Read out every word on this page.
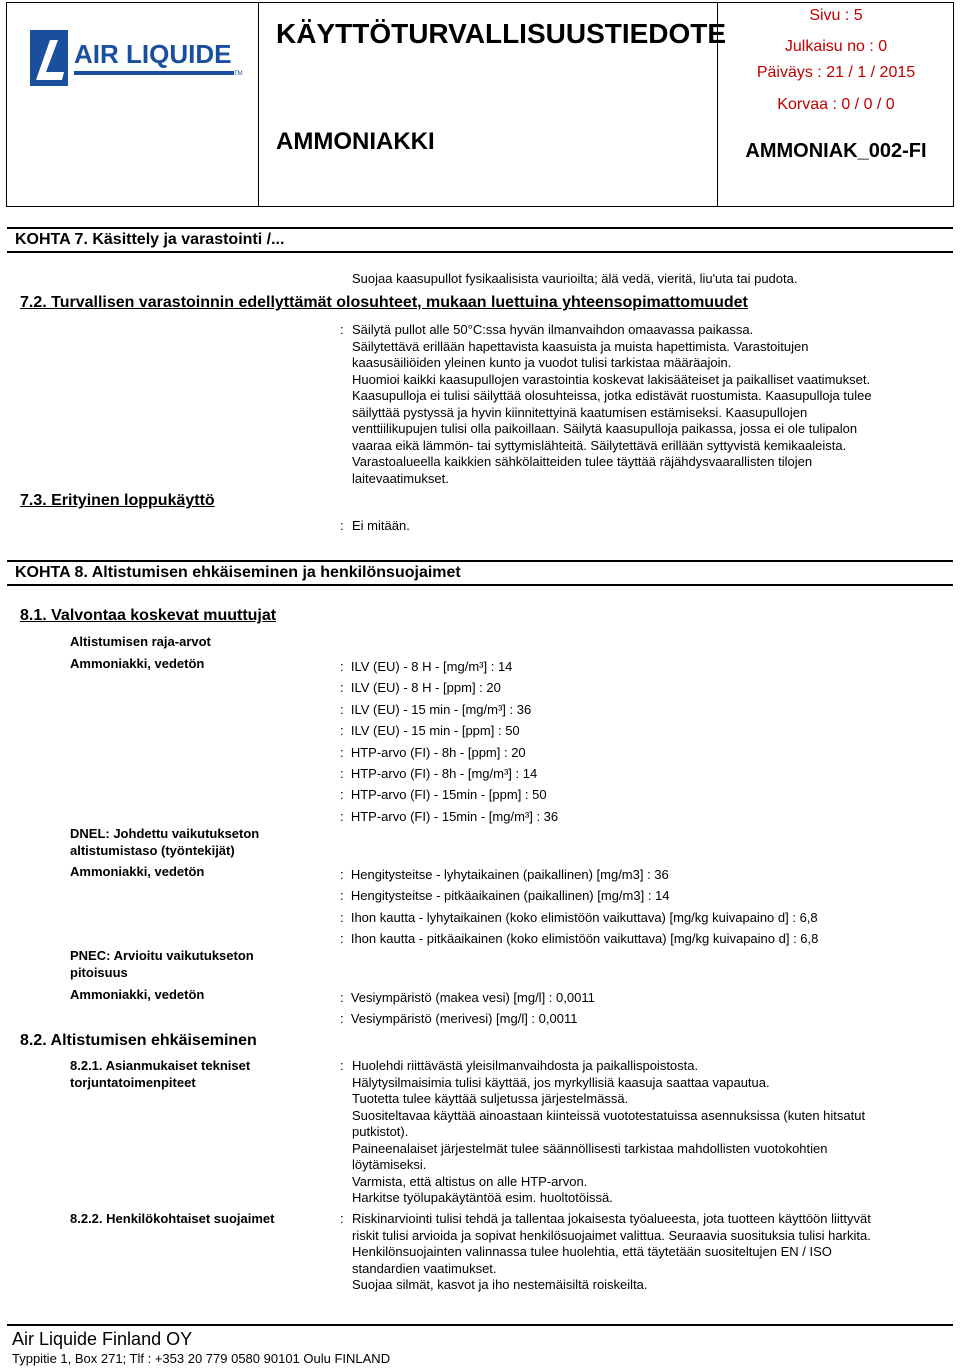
AIR LIQUIDE
TM
KÄYTTÖTURVALLISUUSTIEDOTE
AMMONIAKKI
Sivu : 5
Julkaisu no : 0
Päiväys : 21 / 1 / 2015
Korvaa : 0 / 0 / 0
AMMONIAK_002-FI
KOHTA 7. Käsittely ja varastointi /...
Suojaa kaasupullot fysikaalisista vaurioilta; älä vedä, vieritä, liu'uta tai pudota.
7.2. Turvallisen varastoinnin edellyttämät olosuhteet, mukaan luettuina yhteensopimattomuudet
: Säilytä pullot alle 50°C:ssa hyvän ilmanvaihdon omaavassa paikassa.
Säilytettävä erillään hapettavista kaasuista ja muista hapettimista. Varastoitujen
kaasusäiliöiden yleinen kunto ja vuodot tulisi tarkistaa määräajoin.
Huomioi kaikki kaasupullojen varastointia koskevat lakisääteiset ja paikalliset vaatimukset.
Kaasupulloja ei tulisi säilyttää olosuhteissa, jotka edistävät ruostumista. Kaasupulloja tulee
säilyttää pystyssä ja hyvin kiinnitettyinä kaatumisen estämiseksi. Kaasupullojen
venttiilikupujen tulisi olla paikoillaan. Säilytä kaasupulloja paikassa, jossa ei ole tulipalon
vaaraa eikä lämmön- tai syttymislähteitä. Säilytettävä erillään syttyvistä kemikaaleista.
Varastoalueella kaikkien sähkölaitteiden tulee täyttää räjähdysvaarallisten tilojen
laitevaatimukset.
7.3. Erityinen loppukäyttö
: Ei mitään.
KOHTA 8. Altistumisen ehkäiseminen ja henkilönsuojaimet
8.1. Valvontaa koskevat muuttujat
Altistumisen raja-arvot
Ammoniakki, vedetön	:  ILV (EU) - 8 H - [mg/m³] : 14
:  ILV (EU) - 8 H - [ppm] : 20
:  ILV (EU) - 15 min - [mg/m³] : 36
:  ILV (EU) - 15 min - [ppm] : 50
:  HTP-arvo (FI) - 8h - [ppm] : 20
:  HTP-arvo (FI) - 8h - [mg/m³] : 14
:  HTP-arvo (FI) - 15min - [ppm] : 50
:  HTP-arvo (FI) - 15min - [mg/m³] : 36
DNEL: Johdettu vaikutukseton
altistumistaso (työntekijät)
Ammoniakki, vedetön	:  Hengitysteitse - lyhytaikainen (paikallinen) [mg/m3] : 36
:  Hengitysteitse - pitkäaikainen (paikallinen) [mg/m3] : 14
:  Ihon kautta - lyhytaikainen (koko elimistöön vaikuttava) [mg/kg kuivapaino d] : 6,8
:  Ihon kautta - pitkäaikainen (koko elimistöön vaikuttava) [mg/kg kuivapaino d] : 6,8
PNEC: Arvioitu vaikutukseton
pitoisuus
Ammoniakki, vedetön	:  Vesiympäristö (makea vesi) [mg/l] : 0,0011
:  Vesiympäristö (merivesi) [mg/l] : 0,0011
8.2. Altistumisen ehkäiseminen
8.2.1. Asianmukaiset tekniset
torjuntatoimenpiteet
: Huolehdi riittävästä yleisilmanvaihdosta ja paikallispoistosta.
Hälytysilmaisimia tulisi käyttää, jos myrkyllisiä kaasuja saattaa vapautua.
Tuotetta tulee käyttää suljetussa järjestelmässä.
Suositeltavaa käyttää ainoastaan kiinteissä vuototestatuissa asennuksissa (kuten hitsatut
putkistot).
Paineenalaiset järjestelmät tulee säännöllisesti tarkistaa mahdollisten vuotokohtien
löytämiseksi.
Varmista, että altistus on alle HTP-arvon.
Harkitse työlupakäytäntöä esim. huoltotöissä.
8.2.2. Henkilökohtaiset suojaimet	: Riskinarviointi tulisi tehdä ja tallentaa jokaisesta työalueesta, jota tuotteen käyttöön liittyvät
riskit tulisi arvioida ja sopivat henkilösuojaimet valittua. Seuraavia suosituksia tulisi harkita.
Henkilönsuojainten valinnassa tulee huolehtia, että täytetään suositeltujen EN / ISO
standardien vaatimukset.
Suojaa silmät, kasvot ja iho nestemäisiltä roiskeilta.
Air Liquide Finland OY
Typpitie 1, Box 271; Tlf : +353 20 779 0580 90101 Oulu FINLAND
